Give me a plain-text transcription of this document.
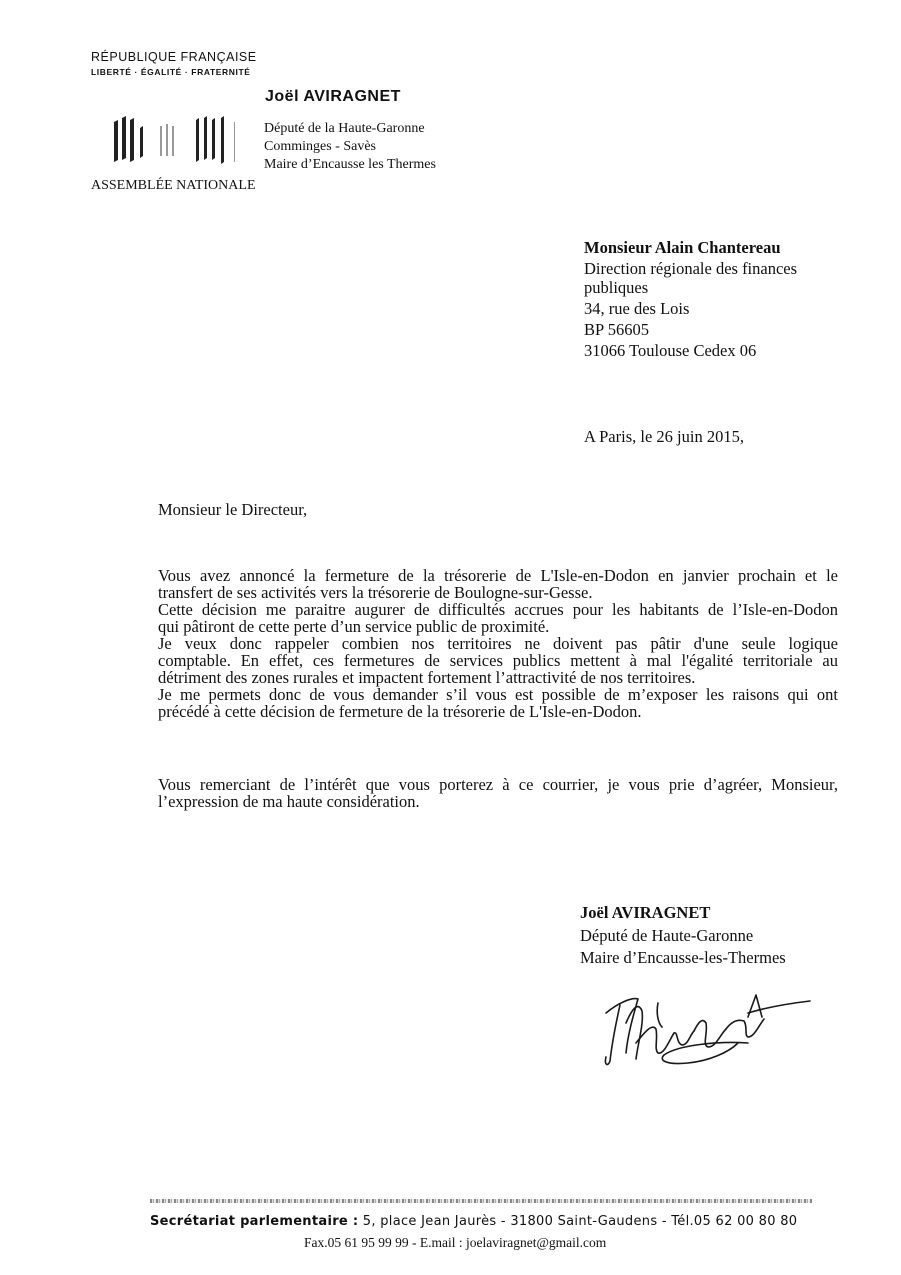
RÉPUBLIQUE FRANÇAISE
LIBERTÉ · ÉGALITÉ · FRATERNITÉ
ASSEMBLÉE NATIONALE
Joël AVIRAGNET
Député de la Haute-Garonne
Comminges - Savès
Maire d’Encausse les Thermes
Monsieur Alain Chantereau
Direction régionale des finances
publiques
34, rue des Lois
BP 56605
31066 Toulouse Cedex 06
A Paris, le 26 juin 2015,
Monsieur le Directeur,
Vous avez annoncé la fermeture de la trésorerie de L'Isle-en-Dodon en janvier prochain et le
transfert de ses activités vers la trésorerie de Boulogne-sur-Gesse.
Cette décision me paraitre augurer de difficultés accrues pour les habitants de l’Isle-en-Dodon
qui pâtiront de cette perte d’un service public de proximité.
Je veux donc rappeler combien nos territoires ne doivent pas pâtir d'une seule logique
comptable. En effet, ces fermetures de services publics mettent à mal l'égalité territoriale au
détriment des zones rurales et impactent fortement l’attractivité de nos territoires.
Je me permets donc de vous demander s’il vous est possible de m’exposer les raisons qui ont
précédé à cette décision de fermeture de la trésorerie de L'Isle-en-Dodon.
Vous remerciant de l’intérêt que vous porterez à ce courrier, je vous prie d’agréer, Monsieur,
l’expression de ma haute considération.
Joël AVIRAGNET
Député de Haute-Garonne
Maire d’Encausse-les-Thermes
Secrétariat parlementaire : 5, place Jean Jaurès - 31800 Saint-Gaudens - Tél.05 62 00 80 80
Fax.05 61 95 99 99 - E.mail : joelaviragnet@gmail.com
